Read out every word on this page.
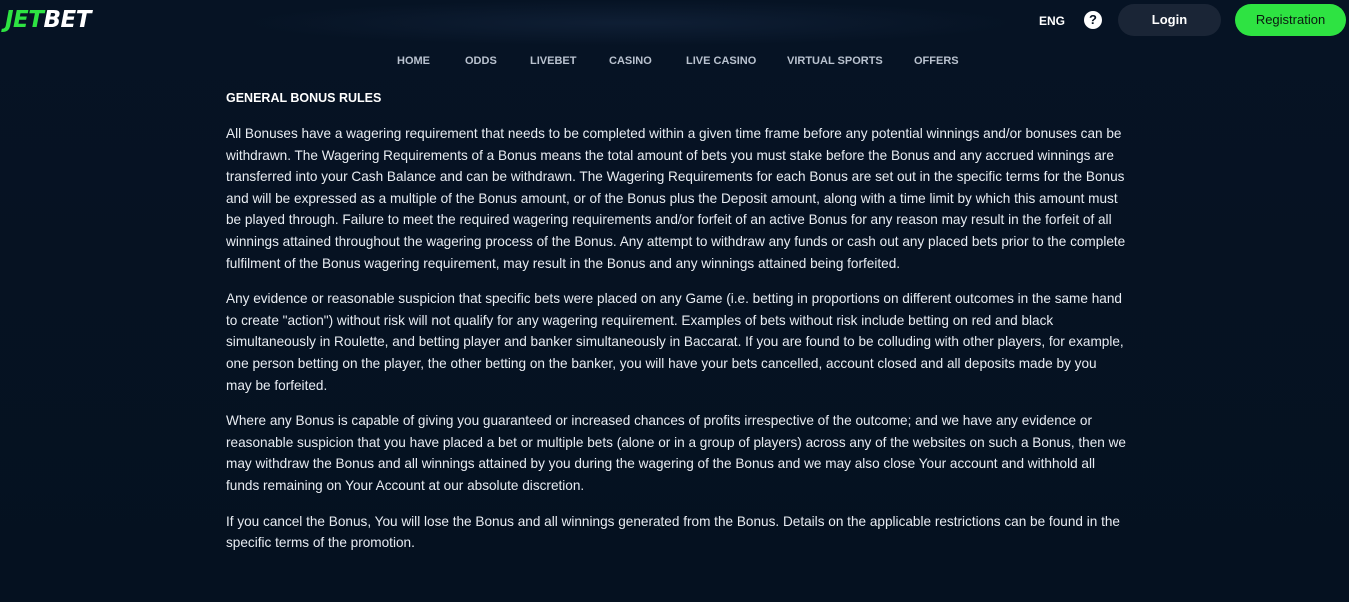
JETBET	ENG	?	Login	Registration
HOME	ODDS	LIVEBET	CASINO	LIVE CASINO	VIRTUAL SPORTS	OFFERS
GENERAL BONUS RULES

All Bonuses have a wagering requirement that needs to be completed within a given time frame before any potential winnings and/or bonuses can be withdrawn. The Wagering Requirements of a Bonus means the total amount of bets you must stake before the Bonus and any accrued winnings are transferred into your Cash Balance and can be withdrawn. The Wagering Requirements for each Bonus are set out in the specific terms for the Bonus and will be expressed as a multiple of the Bonus amount, or of the Bonus plus the Deposit amount, along with a time limit by which this amount must be played through. Failure to meet the required wagering requirements and/or forfeit of an active Bonus for any reason may result in the forfeit of all winnings attained throughout the wagering process of the Bonus. Any attempt to withdraw any funds or cash out any placed bets prior to the complete fulfilment of the Bonus wagering requirement, may result in the Bonus and any winnings attained being forfeited.

Any evidence or reasonable suspicion that specific bets were placed on any Game (i.e. betting in proportions on different outcomes in the same hand to create "action") without risk will not qualify for any wagering requirement. Examples of bets without risk include betting on red and black simultaneously in Roulette, and betting player and banker simultaneously in Baccarat. If you are found to be colluding with other players, for example, one person betting on the player, the other betting on the banker, you will have your bets cancelled, account closed and all deposits made by you may be forfeited.

Where any Bonus is capable of giving you guaranteed or increased chances of profits irrespective of the outcome; and we have any evidence or reasonable suspicion that you have placed a bet or multiple bets (alone or in a group of players) across any of the websites on such a Bonus, then we may withdraw the Bonus and all winnings attained by you during the wagering of the Bonus and we may also close Your account and withhold all funds remaining on Your Account at our absolute discretion.

If you cancel the Bonus, You will lose the Bonus and all winnings generated from the Bonus. Details on the applicable restrictions can be found in the specific terms of the promotion.
